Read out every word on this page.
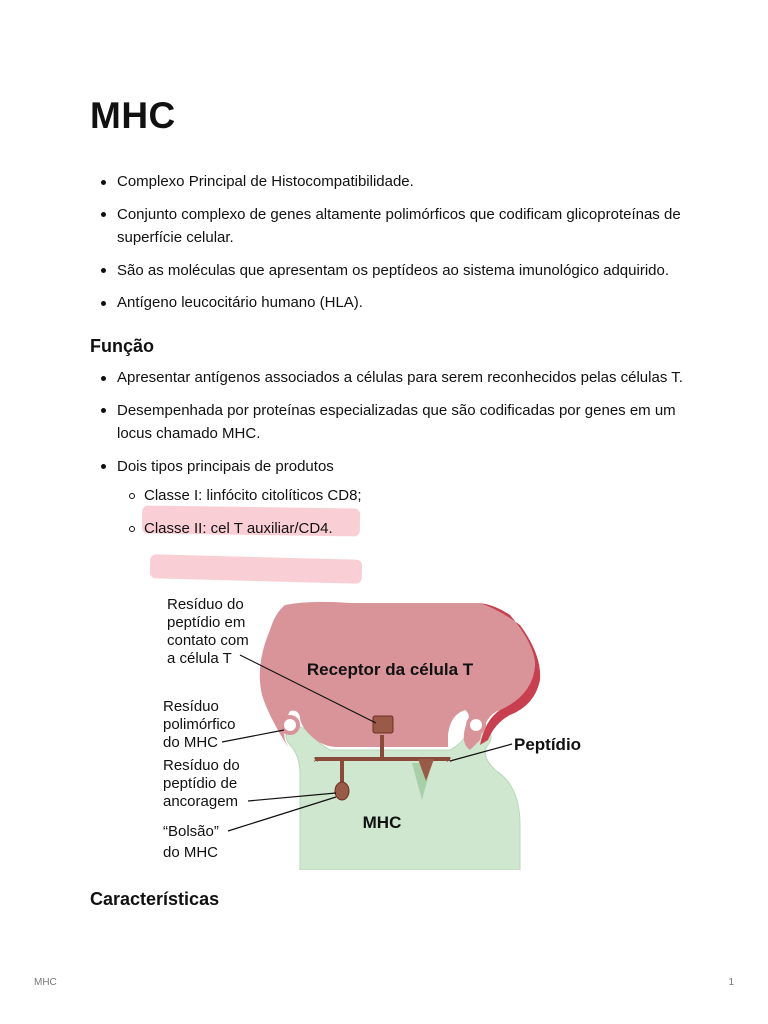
MHC
Complexo Principal de Histocompatibilidade.
Conjunto complexo de genes altamente polimórficos que codificam glicoproteínas de superfície celular.
São as moléculas que apresentam os peptídeos ao sistema imunológico adquirido.
Antígeno leucocitário humano (HLA).
Função
Apresentar antígenos associados a células para serem reconhecidos pelas células T.
Desempenhada por proteínas especializadas que são codificadas por genes em um locus chamado MHC.
Dois tipos principais de produtos
Classe I: linfócito citolíticos CD8;
Classe II: cel T auxiliar/CD4.
×	×
Receptor da célula T
MHC
Peptídio
Resíduo do
peptídio em
contato com
a célula T
Resíduo
polimórfico
do MHC
Resíduo do
peptídio de
ancoragem
“Bolsão”
do MHC
Características
MHC	1
